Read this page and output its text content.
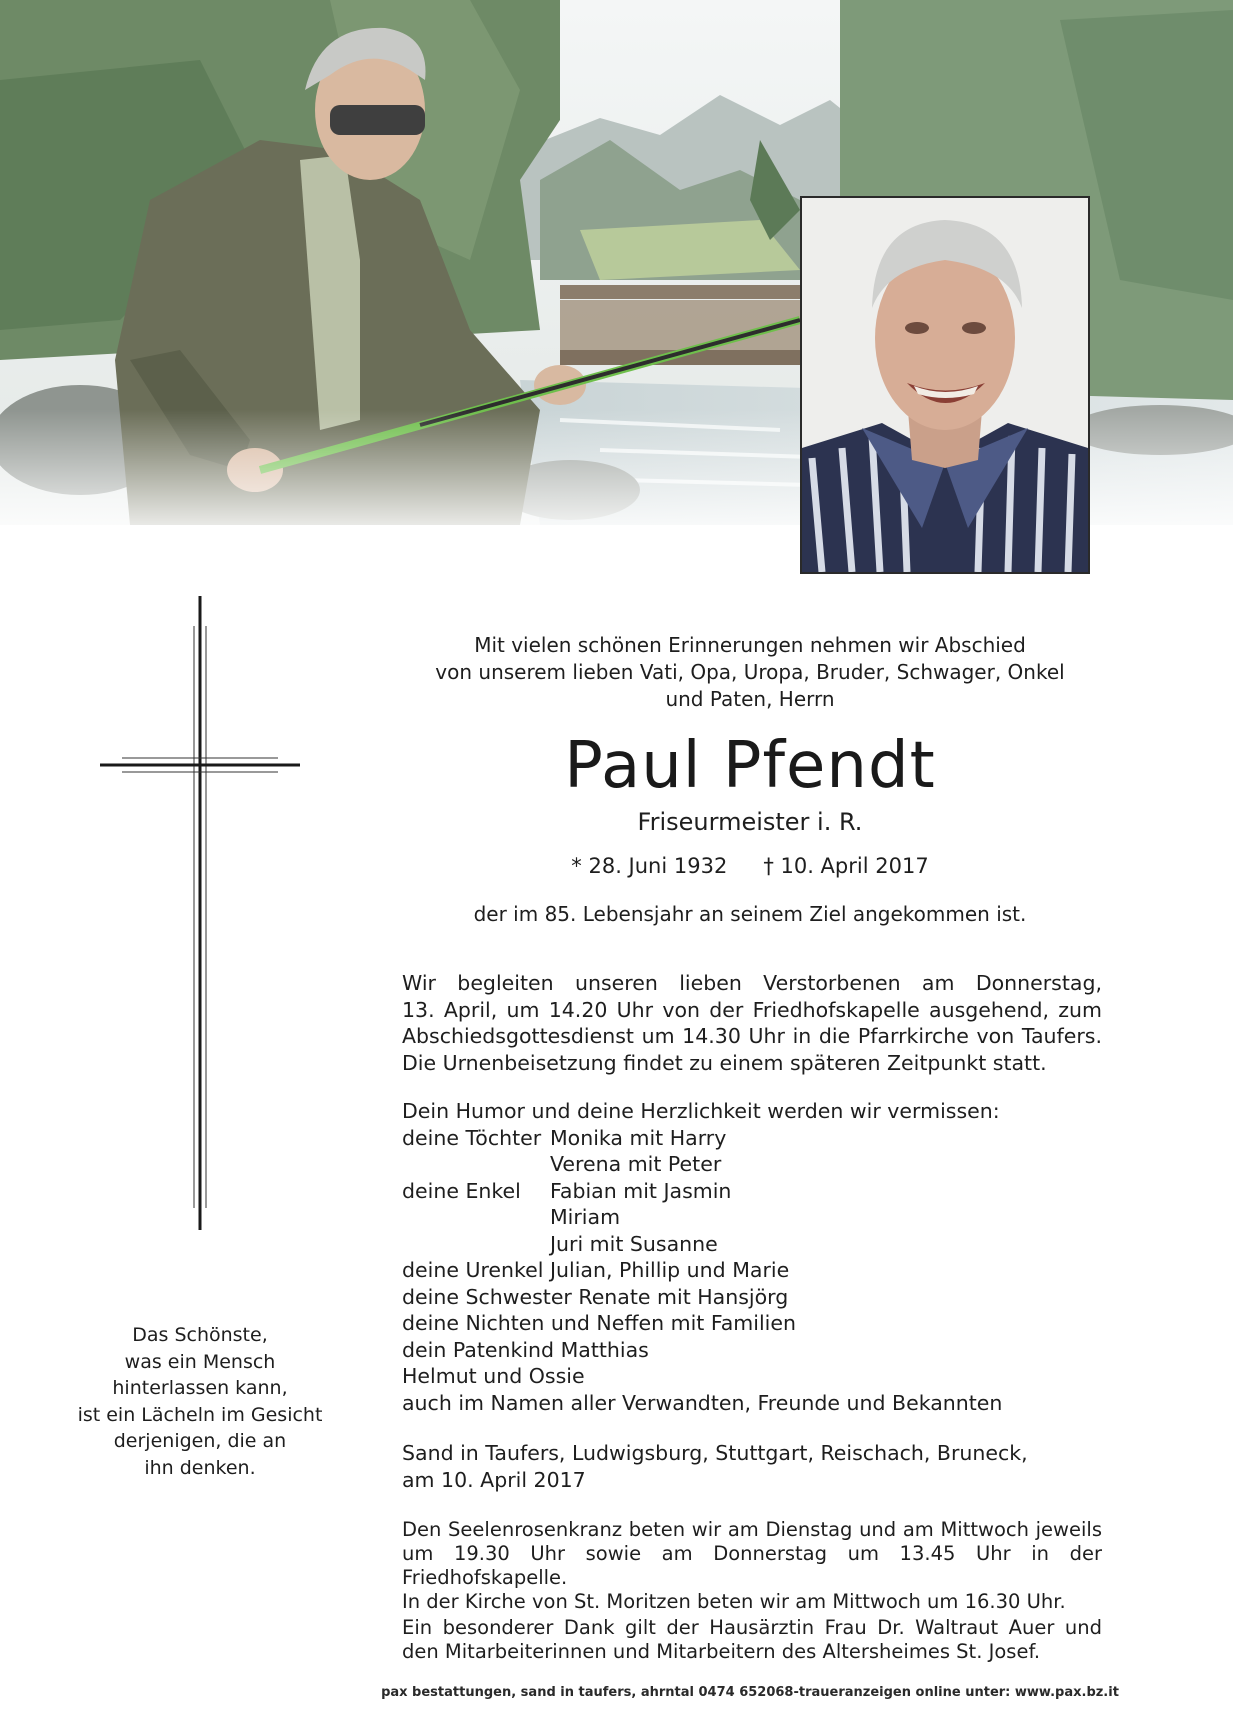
Das Schönste,
was ein Mensch
hinterlassen kann,
ist ein Lächeln im Gesicht
derjenigen, die an
ihn denken.
Mit vielen schönen Erinnerungen nehmen wir Abschied
von unserem lieben Vati, Opa, Uropa, Bruder, Schwager, Onkel
und Paten, Herrn
Paul Pfendt
Friseurmeister i. R.
* 28. Juni 1932 † 10. April 2017
der im 85. Lebensjahr an seinem Ziel angekommen ist.
Wir begleiten unseren lieben Verstorbenen am Donnerstag,
13. April, um 14.20 Uhr von der Friedhofskapelle ausgehend, zum
Abschiedsgottesdienst um 14.30 Uhr in die Pfarrkirche von Taufers.
Die Urnenbeisetzung findet zu einem späteren Zeitpunkt statt.
Dein Humor und deine Herzlichkeit werden wir vermissen:
deine Töchter Monika mit Harry
Verena mit Peter
deine Enkel	Fabian mit Jasmin
Miriam
Juri mit Susanne
deine Urenkel Julian, Phillip und Marie
deine Schwester Renate mit Hansjörg
deine Nichten und Neffen mit Familien
dein Patenkind Matthias
Helmut und Ossie
auch im Namen aller Verwandten, Freunde und Bekannten
Sand in Taufers, Ludwigsburg, Stuttgart, Reischach, Bruneck,
am 10. April 2017
Den Seelenrosenkranz beten wir am Dienstag und am Mittwoch jeweils
um 19.30 Uhr sowie am Donnerstag um 13.45 Uhr in der Friedhofskapelle.
In der Kirche von St. Moritzen beten wir am Mittwoch um 16.30 Uhr.
Ein besonderer Dank gilt der Hausärztin Frau Dr. Waltraut Auer und
den Mitarbeiterinnen und Mitarbeitern des Altersheimes St. Josef.
pax bestattungen, sand in taufers, ahrntal 0474 652068-traueranzeigen online unter: www.pax.bz.it
